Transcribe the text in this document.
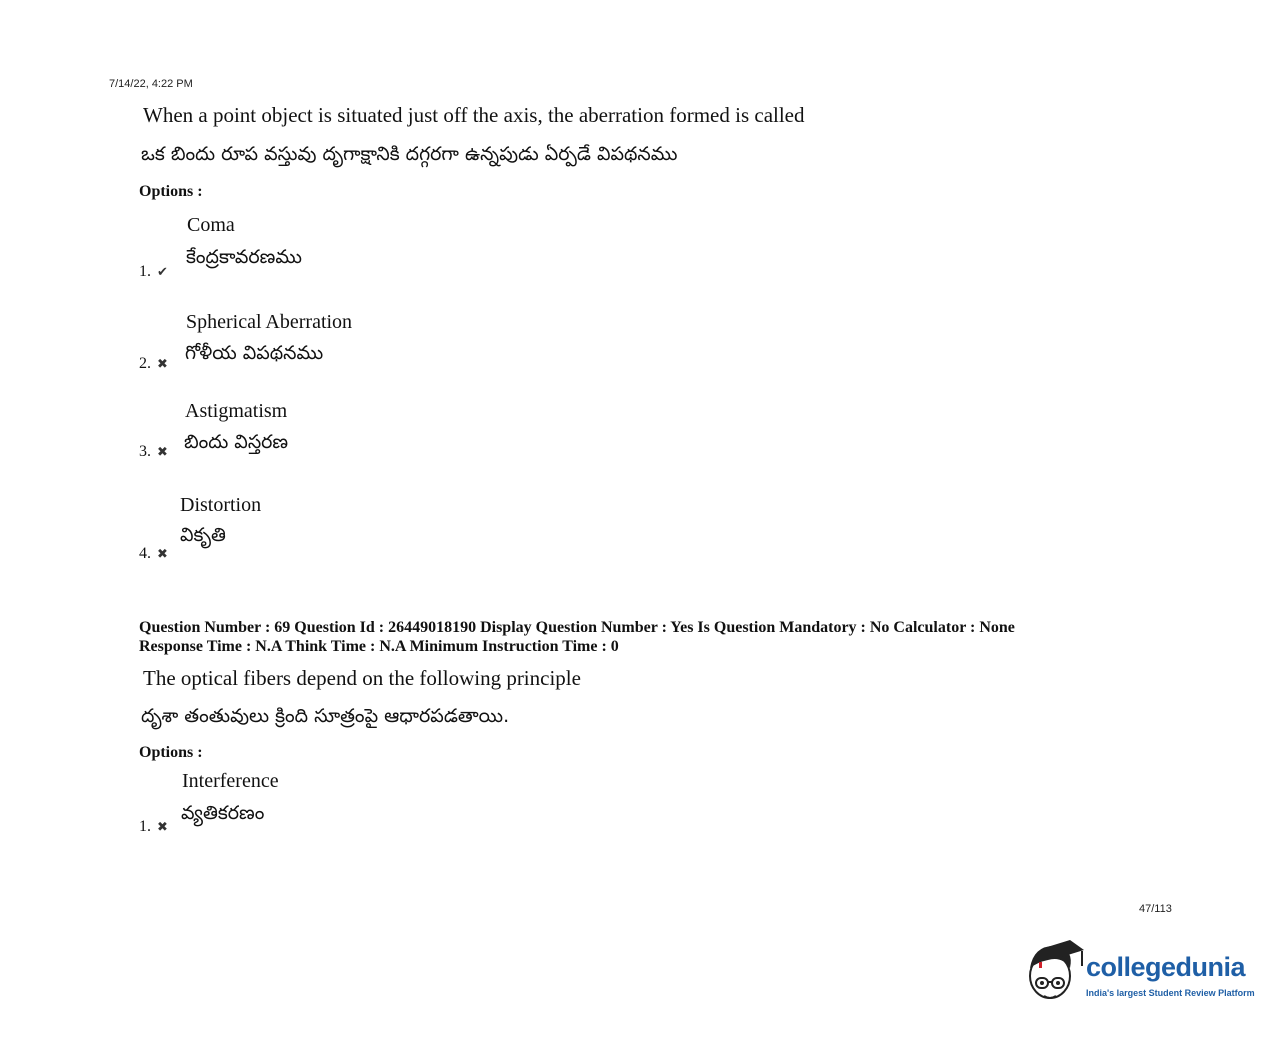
7/14/22, 4:22 PM
When a point object is situated just off the axis, the aberration formed is called
ఒక బిందు రూప వస్తువు దృగాక్షానికి దగ్గరగా ఉన్నపుడు ఏర్పడే విపథనము
Options :
Coma
కేంద్రకావరణము
1. ✔
Spherical Aberration
గోళీయ విపథనము
2. ✖
Astigmatism
బిందు విస్తరణ
3. ✖
Distortion
వికృతి
4. ✖
Question Number : 69 Question Id : 26449018190 Display Question Number : Yes Is Question Mandatory : No Calculator : None
Response Time : N.A Think Time : N.A Minimum Instruction Time : 0
The optical fibers depend on the following principle
దృశా తంతువులు క్రింది సూత్రంపై ఆధారపడతాయి.
Options :
Interference
వ్యతికరణం
1. ✖
47/113
collegedunia
India's largest Student Review Platform
